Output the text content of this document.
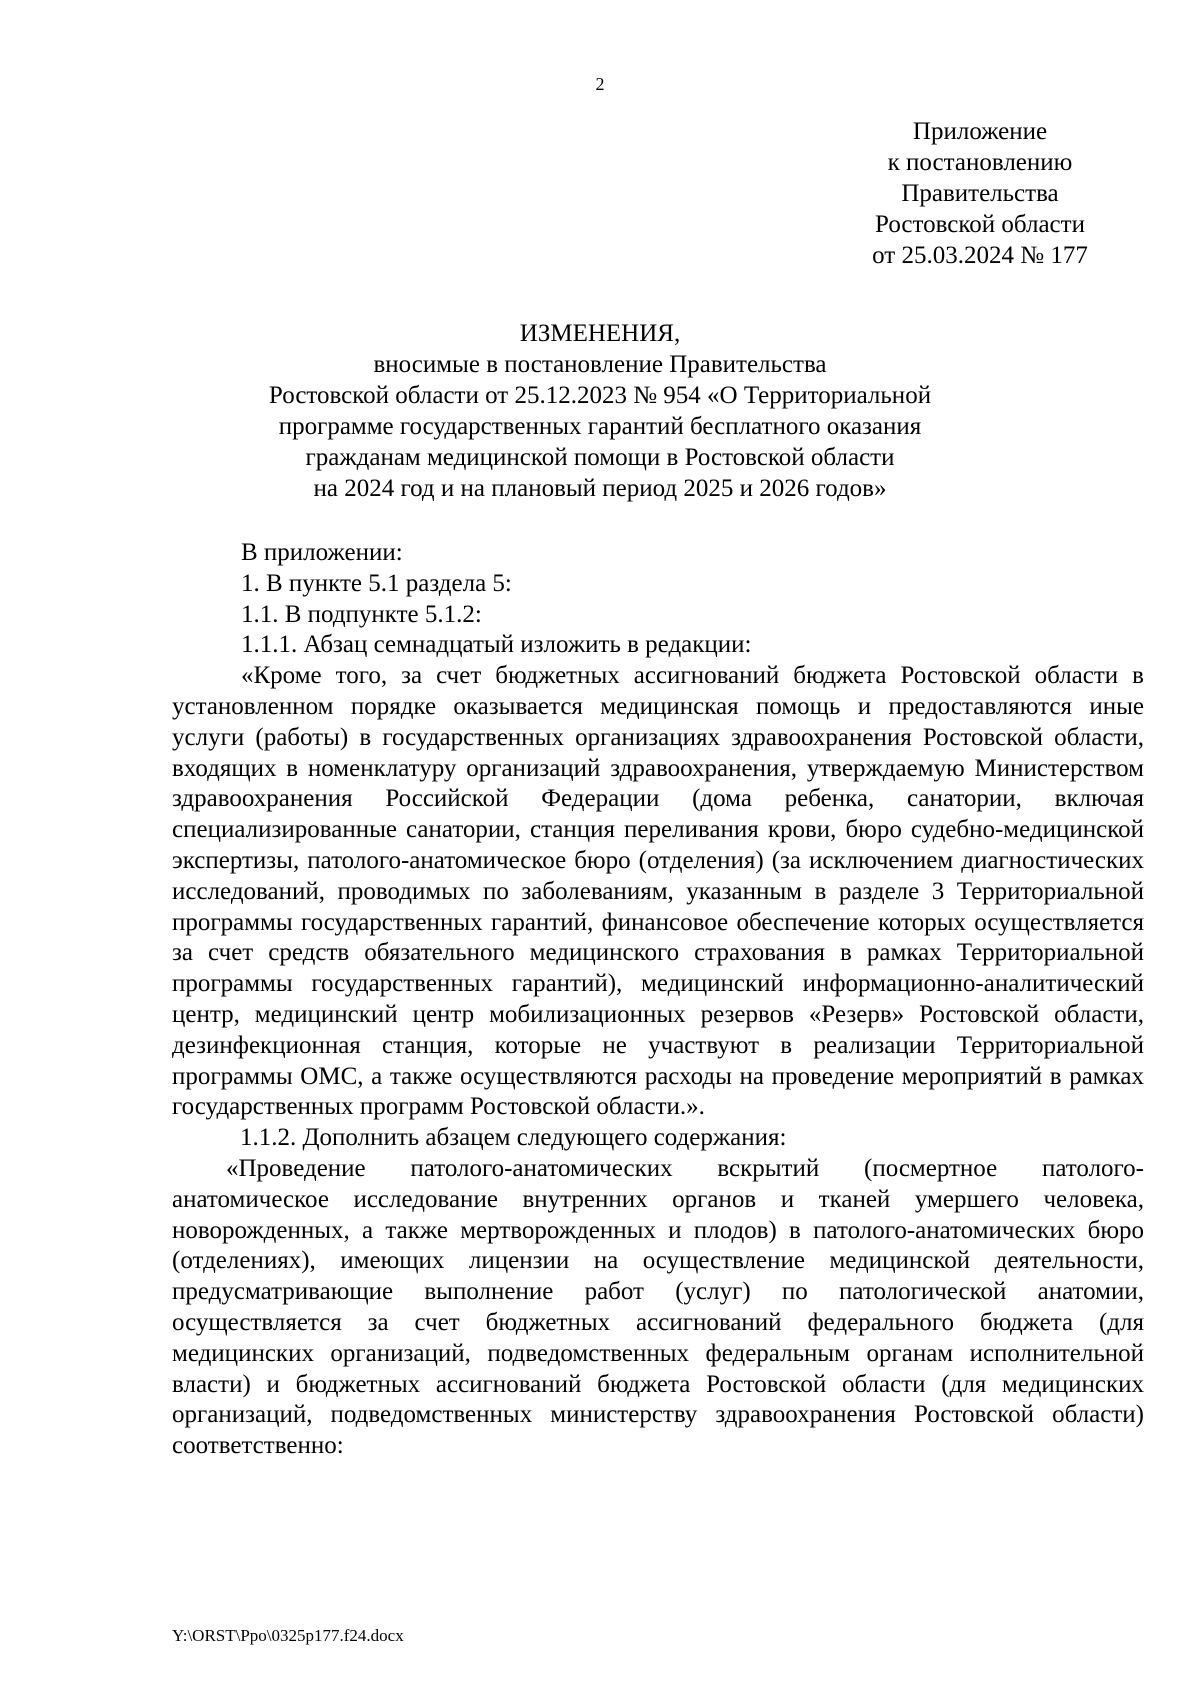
2
Приложение
к постановлению
Правительства
Ростовской области
от 25.03.2024 № 177
ИЗМЕНЕНИЯ,
вносимые в постановление Правительства
Ростовской области от 25.12.2023 № 954 «О Территориальной
программе государственных гарантий бесплатного оказания
гражданам медицинской помощи в Ростовской области
на 2024 год и на плановый период 2025 и 2026 годов»

В приложении:

1. В пункте 5.1 раздела 5:

1.1. В подпункте 5.1.2:

1.1.1. Абзац семнадцатый изложить в редакции:

«Кроме того, за счет бюджетных ассигнований бюджета Ростовской области в установленном порядке оказывается медицинская помощь и предоставляются иные услуги (работы) в государственных организациях здравоохранения Ростовской области, входящих в номенклатуру организаций здравоохранения, утверждаемую Министерством здравоохранения Российской Федерации (дома ребенка, санатории, включая специализированные санатории, станция переливания крови, бюро судебно-медицинской экспертизы, патолого-анатомическое бюро (отделения) (за исключением диагностических исследований, проводимых по заболеваниям, указанным в разделе 3 Территориальной программы государственных гарантий, финансовое обеспечение которых осуществляется за счет средств обязательного медицинского страхования в рамках Территориальной программы государственных гарантий), медицинский информационно-аналитический центр, медицинский центр мобилизационных резервов «Резерв» Ростовской области, дезинфекционная станция, которые не участвуют в реализации Территориальной программы ОМС, а также осуществляются расходы на проведение мероприятий в рамках государственных программ Ростовской области.».

1.1.2. Дополнить абзацем следующего содержания:

«Проведение патолого-анатомических вскрытий (посмертное патолого-анатомическое исследование внутренних органов и тканей умершего человека, новорожденных, а также мертворожденных и плодов) в патолого-анатомических бюро (отделениях), имеющих лицензии на осуществление медицинской деятельности, предусматривающие выполнение работ (услуг) по патологической анатомии, осуществляется за счет бюджетных ассигнований федерального бюджета (для медицинских организаций, подведомственных федеральным органам исполнительной власти) и бюджетных ассигнований бюджета Ростовской области (для медицинских организаций, подведомственных министерству здравоохранения Ростовской области) соответственно:

Y:\ORST\Ppo\0325p177.f24.docx
